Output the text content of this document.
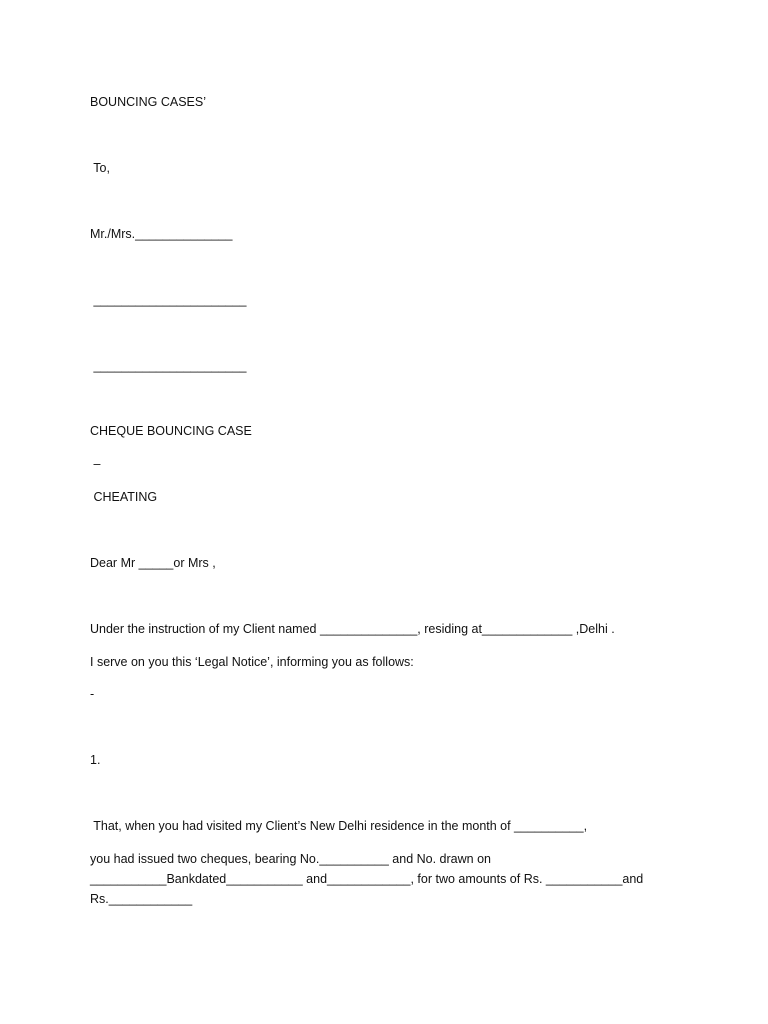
BOUNCING CASES’

To,

Mr./Mrs.______________

______________________

______________________

CHEQUE BOUNCING CASE

–

CHEATING

Dear Mr _____or Mrs ,

Under the instruction of my Client named ______________, residing at_____________ ,Delhi .

I serve on you this ‘Legal Notice’, informing you as follows:

-

1.

That, when you had visited my Client’s New Delhi residence in the month of __________,

you had issued two cheques, bearing No.__________ and No. drawn on ___________Bankdated___________ and____________, for two amounts of Rs. ___________and Rs.____________
